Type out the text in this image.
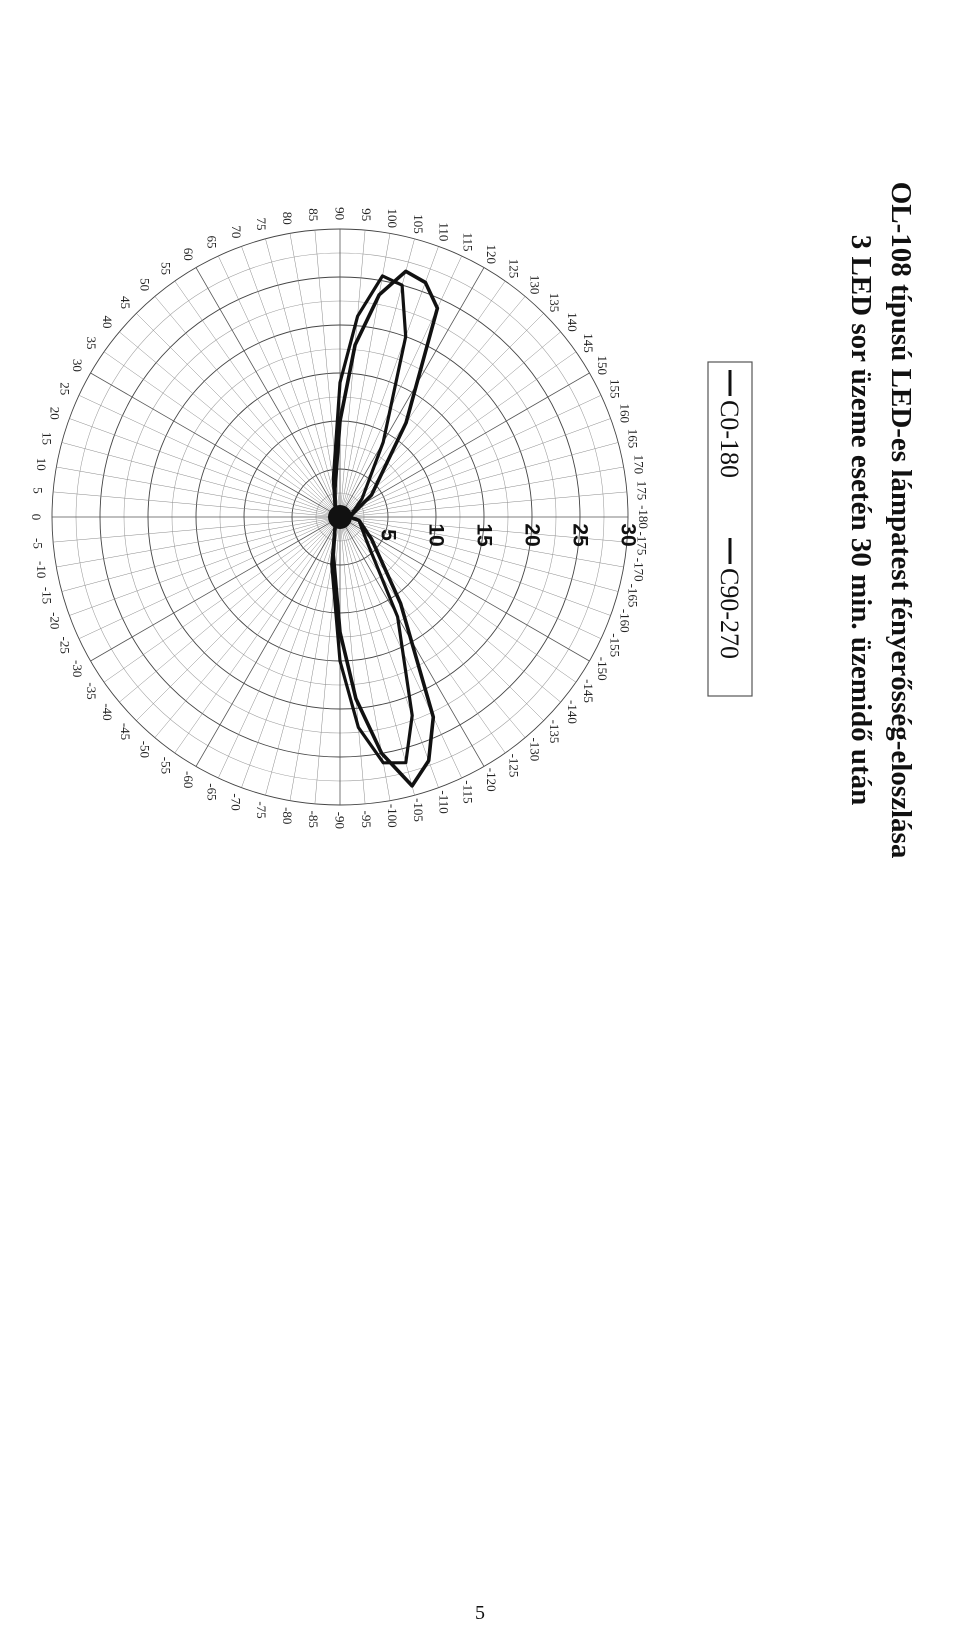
OL-108 típusú LED-es lámpatest fényerősség-eloszlása
3 LED sor üzeme esetén 30 min. üzemidő után
C0-180
C90-270
0
5
10
15
20
25
30
35
40
45
50
55
60
65
70
75 80 85 90 95 100 105 110
115
120
125
130
135
140
145
150
155
160
165
170
175
-180
-175
-170
-165
-160
-155
-150
-145
-140
-135
-130
-125
-120
-115
-110
-105
-100
-95
-90
-85
-80
-75
-70
-65
-60
-55
-50
-45
-40
-35
-30
-25
-20
-15
-10
-5
5 10 15 20 25 30
5
